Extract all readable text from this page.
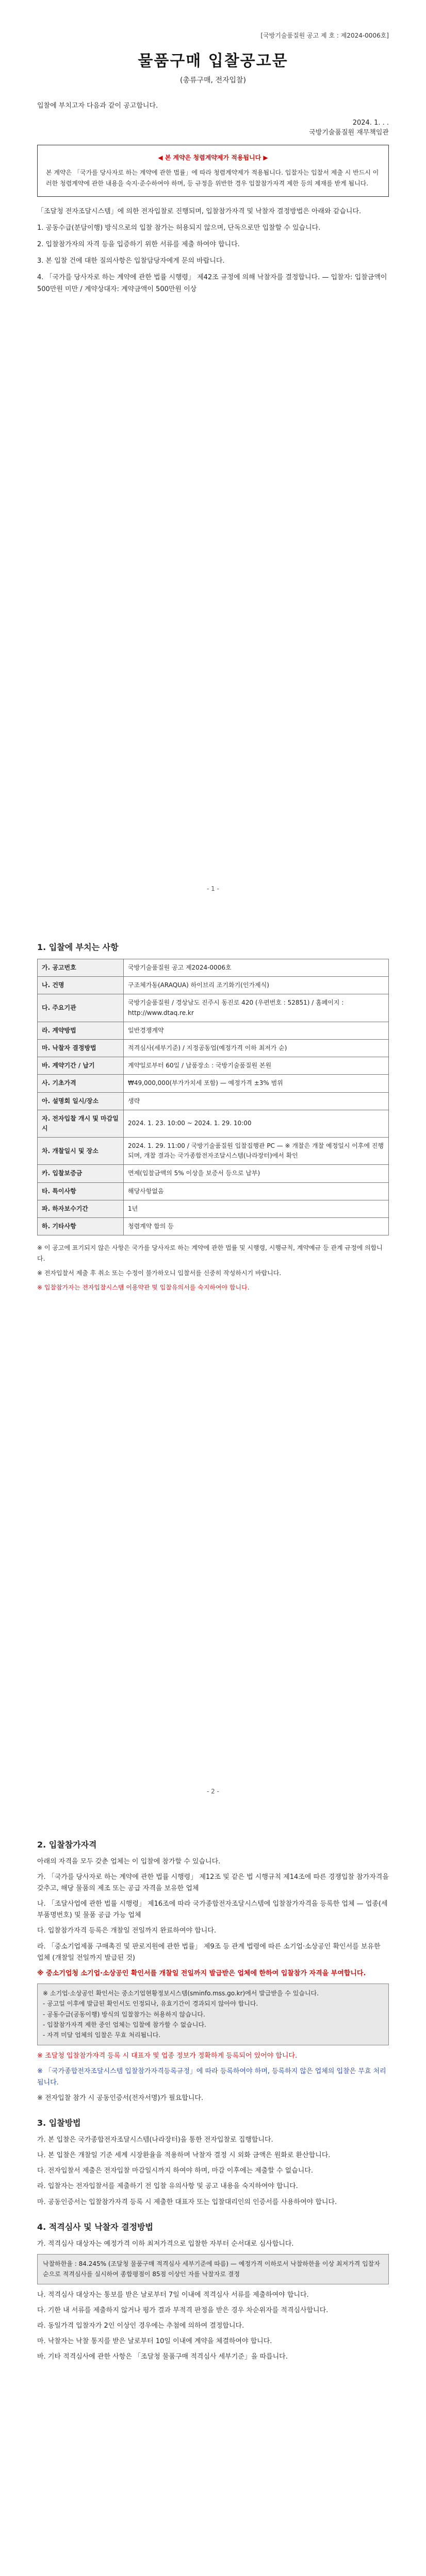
[국방기술품질원 공고 제 호 : 제2024-0006호]
물품구매 입찰공고문
(총류구매, 전자입찰)

입찰에 부치고자 다음과 같이 공고합니다.

2024. 1. . .
국방기술품질원 재무책임관
◀ 본 계약은 청렴계약제가 적용됩니다 ▶
본 계약은 「국가를 당사자로 하는 계약에 관한 법률」에 따라 청렴계약제가 적용됩니다. 입찰자는 입찰서 제출 시 반드시 이러한 청렴계약에 관한 내용을 숙지·준수하여야 하며, 등 규정을 위반한 경우 입찰참가자격 제한 등의 제재를 받게 됩니다.

「조달청 전자조달시스템」에 의한 전자입찰로 진행되며, 입찰참가자격 및 낙찰자 결정방법은 아래와 같습니다.

1. 공동수급(분담이행) 방식으로의 입찰 참가는 허용되지 않으며, 단독으로만 입찰할 수 있습니다.

2. 입찰참가자의 자격 등을 입증하기 위한 서류를 제출 하여야 합니다.

3. 본 입찰 건에 대한 질의사항은 입찰담당자에게 문의 바랍니다.

4. 「국가를 당사자로 하는 계약에 관한 법률 시행령」 제42조 규정에 의해 낙찰자를 결정합니다. — 입찰자: 입찰금액이 500만원 미만 / 계약상대자: 계약금액이 500만원 이상

- 1 -
1. 입찰에 부치는 사항
가. 공고번호	국방기술품질원 공고 제2024-0006호
나. 건명	구조체가동(ARAQUA) 하이브리 조기화기(인가제식)
다. 주요기관	국방기술품질원 / 경상남도 진주시 동진로 420 (우편번호 : 52851) / 홈페이지 : http://www.dtaq.re.kr
라. 계약방법	일반경쟁계약
마. 낙찰자 결정방법	적격심사(세부기준) / 지정공동업(예정가격 이하 최저가 순)
바. 계약기간 / 납기	계약일로부터 60일 / 납품장소 : 국방기술품질원 본원
사. 기초가격	₩49,000,000(부가가치세 포함) — 예정가격 ±3% 범위
아. 설명회 일시/장소	생략
자. 전자입찰 개시 및 마감일시	2024. 1. 23. 10:00 ~ 2024. 1. 29. 10:00
차. 개찰일시 및 장소	2024. 1. 29. 11:00 / 국방기술품질원 입찰집행관 PC — ※ 개찰은 개찰 예정일시 이후에 진행되며, 개찰 결과는 국가종합전자조달시스템(나라장터)에서 확인
카. 입찰보증금	면제(입찰금액의 5% 이상을 보증서 등으로 납부)
타. 특이사항	해당사항없음
파. 하자보수기간	1년
하. 기타사항	청렴계약 합의 등

※ 이 공고에 표기되지 않은 사항은 국가를 당사자로 하는 계약에 관한 법률 및 시행령, 시행규칙, 계약예규 등 관계 규정에 의합니다.

※ 전자입찰서 제출 후 취소 또는 수정이 불가하오니 입찰서를 신중히 작성하시기 바랍니다.

※ 입찰참가자는 전자입찰시스템 이용약관 및 입찰유의서를 숙지하여야 합니다.

- 2 -
2. 입찰참가자격

아래의 자격을 모두 갖춘 업체는 이 입찰에 참가할 수 있습니다.

가. 「국가를 당사자로 하는 계약에 관한 법률 시행령」 제12조 및 같은 법 시행규칙 제14조에 따른 경쟁입찰 참가자격을 갖추고, 해당 물품의 제조 또는 공급 자격을 보유한 업체

나. 「조달사업에 관한 법률 시행령」 제16조에 따라 국가종합전자조달시스템에 입찰참가자격을 등록한 업체 — 업종(세부품명번호) 및 물품 공급 가능 업체

다. 입찰참가자격 등록은 개찰일 전일까지 완료하여야 합니다.

라. 「중소기업제품 구매촉진 및 판로지원에 관한 법률」 제9조 등 관계 법령에 따른 소기업·소상공인 확인서를 보유한 업체 (개찰일 전일까지 발급된 것)

※ 중소기업청 소기업·소상공인 확인서를 개찰일 전일까지 발급받은 업체에 한하여 입찰참가 자격을 부여합니다.

※ 소기업·소상공인 확인서는 중소기업현황정보시스템(sminfo.mss.go.kr)에서 발급받을 수 있습니다.
- 공고일 이후에 발급된 확인서도 인정되나, 유효기간이 경과되지 않아야 합니다.
- 공동수급(공동이행) 방식의 입찰참가는 허용하지 않습니다.
- 입찰참가자격 제한 중인 업체는 입찰에 참가할 수 없습니다.
- 자격 미달 업체의 입찰은 무효 처리됩니다.

※ 조달청 입찰참가자격 등록 시 대표자 및 업종 정보가 정확하게 등록되어 있어야 합니다.

※ 「국가종합전자조달시스템 입찰참가자격등록규정」에 따라 등록하여야 하며, 등록하지 않은 업체의 입찰은 무효 처리됩니다.

※ 전자입찰 참가 시 공동인증서(전자서명)가 필요합니다.

3. 입찰방법

가. 본 입찰은 국가종합전자조달시스템(나라장터)을 통한 전자입찰로 집행합니다.

나. 본 입찰은 개찰일 기준 세계 시장환율을 적용하며 낙찰자 결정 시 외화 금액은 원화로 환산합니다.

다. 전자입찰서 제출은 전자입찰 마감일시까지 하여야 하며, 마감 이후에는 제출할 수 없습니다.

라. 입찰자는 전자입찰서를 제출하기 전 입찰 유의사항 및 공고 내용을 숙지하여야 합니다.

마. 공동인증서는 입찰참가자격 등록 시 제출한 대표자 또는 입찰대리인의 인증서를 사용하여야 합니다.

4. 적격심사 및 낙찰자 결정방법

가. 적격심사 대상자는 예정가격 이하 최저가격으로 입찰한 자부터 순서대로 심사합니다.

낙찰하한율 : 84.245% (조달청 물품구매 적격심사 세부기준에 따름) — 예정가격 이하로서 낙찰하한율 이상 최저가격 입찰자 순으로 적격심사를 실시하여 종합평점이 85점 이상인 자를 낙찰자로 결정

나. 적격심사 대상자는 통보를 받은 날로부터 7일 이내에 적격심사 서류를 제출하여야 합니다.

다. 기한 내 서류를 제출하지 않거나 평가 결과 부적격 판정을 받은 경우 차순위자를 적격심사합니다.

라. 동일가격 입찰자가 2인 이상인 경우에는 추첨에 의하여 결정합니다.

마. 낙찰자는 낙찰 통지를 받은 날로부터 10일 이내에 계약을 체결하여야 합니다.

바. 기타 적격심사에 관한 사항은 「조달청 물품구매 적격심사 세부기준」을 따릅니다.
